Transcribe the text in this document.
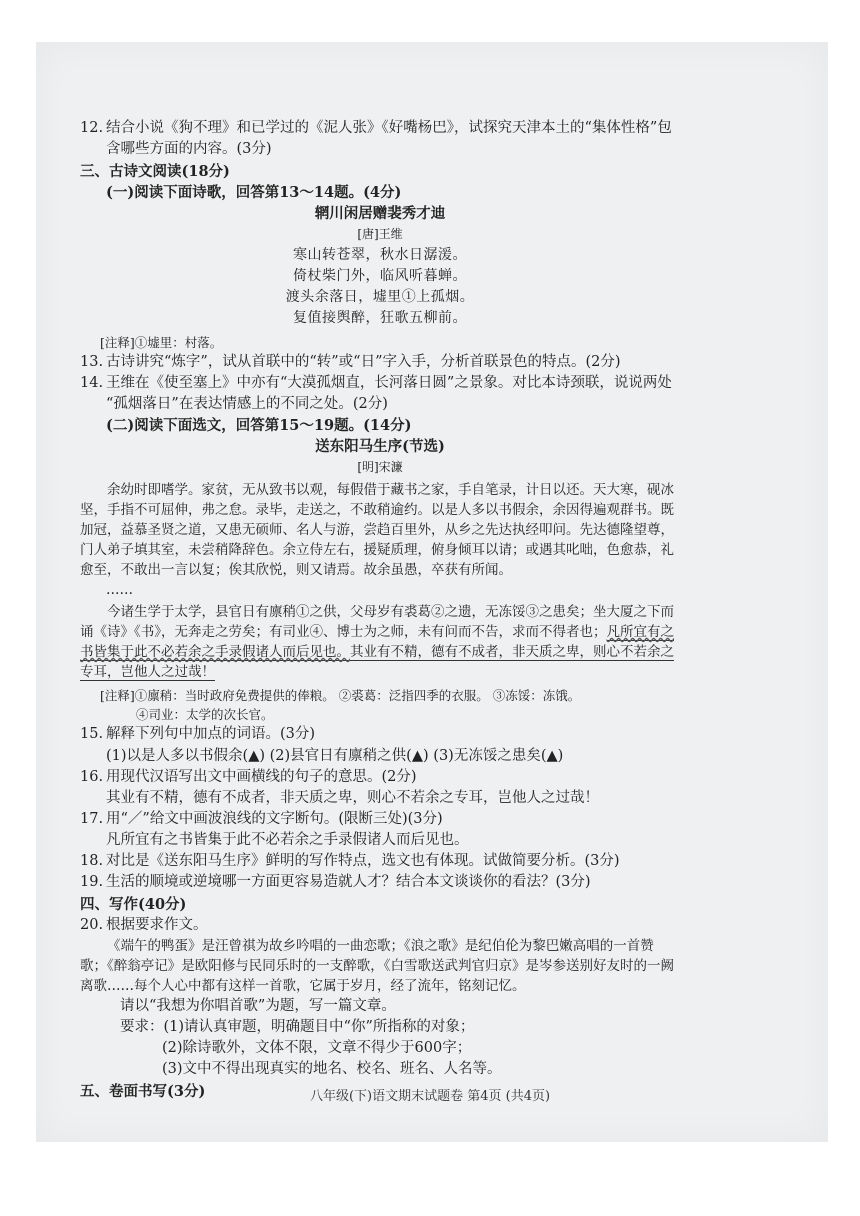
12. 结合小说《狗不理》和已学过的《泥人张》《好嘴杨巴》，试探究天津本土的“集体性格”包
含哪些方面的内容。(3分)
三、古诗文阅读(18分)
(一)阅读下面诗歌，回答第13～14题。(4分)
辋川闲居赠裴秀才迪
[唐]王维
寒山转苍翠，秋水日潺湲。
倚杖柴门外，临风听暮蝉。
渡头余落日，墟里①上孤烟。
复值接舆醉，狂歌五柳前。
[注释]①墟里：村落。
13. 古诗讲究“炼字”，试从首联中的“转”或“日”字入手，分析首联景色的特点。(2分)
14. 王维在《使至塞上》中亦有“大漠孤烟直，长河落日圆”之景象。对比本诗颈联，说说两处
“孤烟落日”在表达情感上的不同之处。(2分)
(二)阅读下面选文，回答第15～19题。(14分)
送东阳马生序(节选)
[明]宋濂

余幼时即嗜学。家贫，无从致书以观，每假借于藏书之家，手自笔录，计日以还。天大寒，砚冰坚，手指不可屈伸，弗之怠。录毕，走送之，不敢稍逾约。以是人多以书假余，余因得遍观群书。既加冠，益慕圣贤之道，又患无硕师、名人与游，尝趋百里外，从乡之先达执经叩问。先达德隆望尊，门人弟子填其室，未尝稍降辞色。余立侍左右，援疑质理，俯身倾耳以请；或遇其叱咄，色愈恭，礼愈至，不敢出一言以复；俟其欣悦，则又请焉。故余虽愚，卒获有所闻。

……

今诸生学于太学，县官日有廪稍①之供，父母岁有裘葛②之遗，无冻馁③之患矣；坐大厦之下而诵《诗》《书》，无奔走之劳矣；有司业④、博士为之师，未有问而不告，求而不得者也；凡所宜有之书皆集于此不必若余之手录假诸人而后见也。其业有不精，德有不成者，非天质之卑，则心不若余之专耳，岂他人之过哉！

[注释]①廪稍：当时政府免费提供的俸粮。 ②裘葛：泛指四季的衣服。 ③冻馁：冻饿。
④司业：太学的次长官。
15. 解释下列句中加点的词语。(3分)
(1)以是人多以书假余(▲) (2)县官日有廪稍之供(▲) (3)无冻馁之患矣(▲)
16. 用现代汉语写出文中画横线的句子的意思。(2分)
其业有不精，德有不成者，非天质之卑，则心不若余之专耳，岂他人之过哉！
17. 用“／”给文中画波浪线的文字断句。(限断三处)(3分)
凡所宜有之书皆集于此不必若余之手录假诸人而后见也。
18. 对比是《送东阳马生序》鲜明的写作特点，选文也有体现。试做简要分析。(3分)
19. 生活的顺境或逆境哪一方面更容易造就人才？结合本文谈谈你的看法？(3分)
四、写作(40分)
20. 根据要求作文。

《端午的鸭蛋》是汪曾祺为故乡吟唱的一曲恋歌；《浪之歌》是纪伯伦为黎巴嫩高唱的一首赞歌；《醉翁亭记》是欧阳修与民同乐时的一支醉歌，《白雪歌送武判官归京》是岑参送别好友时的一阙离歌……每个人心中都有这样一首歌，它属于岁月，经了流年，铭刻记忆。

请以“我想为你唱首歌”为题，写一篇文章。
要求：(1)请认真审题，明确题目中“你”所指称的对象；
(2)除诗歌外，文体不限，文章不得少于600字；
(3)文中不得出现真实的地名、校名、班名、人名等。
五、卷面书写(3分)	八年级(下)语文期末试题卷 第4页 (共4页)
